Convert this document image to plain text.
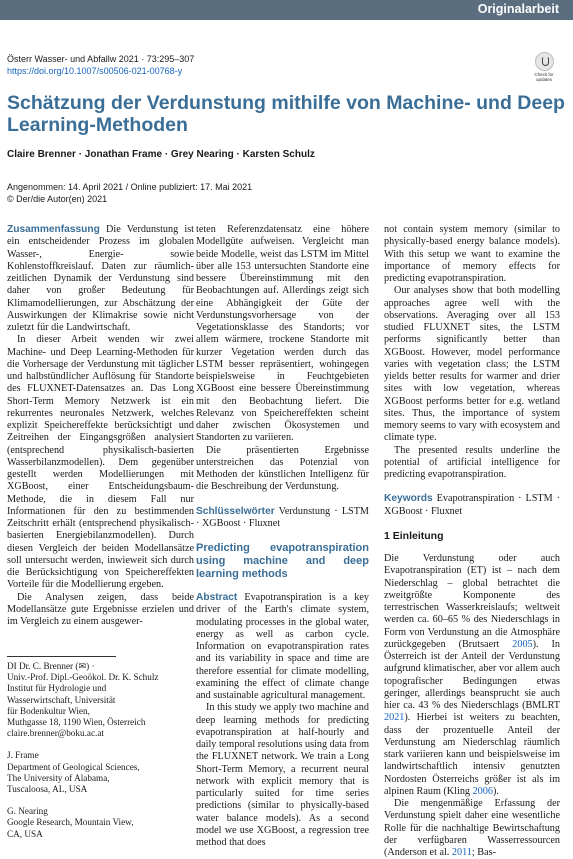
Originalarbeit
Österr Wasser- und Abfallw 2021 · 73:295–307
https://doi.org/10.1007/s00506-021-00768-y	Check for updates
Schätzung der Verdunstung mithilfe von Machine- und Deep Learning-Methoden
Claire Brenner · Jonathan Frame · Grey Nearing · Karsten Schulz
Angenommen: 14. April 2021 / Online publiziert: 17. Mai 2021
© Der/die Autor(en) 2021

Zusammenfassung Die Verdunstung ist ein entscheidender Prozess im globalen Wasser-, Energie- sowie Kohlenstoffkreislauf. Daten zur räumlich-zeitlichen Dynamik der Verdunstung sind daher von großer Bedeutung für Klimamodellierungen, zur Abschätzung der Auswirkungen der Klimakrise sowie nicht zuletzt für die Landwirtschaft.

In dieser Arbeit wenden wir zwei Machine- und Deep Learning-Methoden für die Vorhersage der Verdunstung mit täglicher und halbstündlicher Auflösung für Standorte des FLUXNET-Datensatzes an. Das Long Short-Term Memory Netzwerk ist ein rekurrentes neuronales Netzwerk, welches explizit Speichereffekte berücksichtigt und Zeitreihen der Eingangsgrößen analysiert (entsprechend physikalisch-basierten Wasserbilanzmodellen). Dem gegenüber gestellt werden Modellierungen mit XGBoost, einer Entscheidungsbaum-Methode, die in diesem Fall nur Informationen für den zu bestimmenden Zeitschritt erhält (entsprechend physikalisch-basierten Energiebilanzmodellen). Durch diesen Vergleich der beiden Modellansätze soll untersucht werden, inwieweit sich durch die Berücksichtigung von Speichereffekten Vorteile für die Modellierung ergeben.

Die Analysen zeigen, dass beide Modellansätze gute Ergebnisse erzielen und im Vergleich zu einem ausgewer-

teten Referenzdatensatz eine höhere Modellgüte aufweisen. Vergleicht man beide Modelle, weist das LSTM im Mittel über alle 153 untersuchten Standorte eine bessere Übereinstimmung mit den Beobachtungen auf. Allerdings zeigt sich eine Abhängigkeit der Güte der Verdunstungsvorhersage von der Vegetationsklasse des Standorts; vor allem wärmere, trockene Standorte mit kurzer Vegetation werden durch das LSTM besser repräsentiert, wohingegen beispielsweise in Feuchtgebieten XGBoost eine bessere Übereinstimmung mit den Beobachtung liefert. Die Relevanz von Speichereffekten scheint daher zwischen Ökosystemen und Standorten zu variieren.

Die präsentierten Ergebnisse unterstreichen das Potenzial von Methoden der künstlichen Intelligenz für die Beschreibung der Verdunstung.

Schlüsselwörter Verdunstung · LSTM · XGBoost · Fluxnet

Predicting evapotranspiration using machine and deep learning methods

Abstract Evapotranspiration is a key driver of the Earth's climate system, modulating processes in the global water, energy as well as carbon cycle. Information on evapotranspiration rates and its variability in space and time are therefore essential for climate modelling, examining the effect of climate change and sustainable agricultural management.

In this study we apply two machine and deep learning methods for predicting evapotranspiration at half-hourly and daily temporal resolutions using data from the FLUXNET network. We train a Long Short-Term Memory, a recurrent neural network with explicit memory that is particularly suited for time series predictions (similar to physically-based water balance models). As a second model we use XGBoost, a regression tree method that does

not contain system memory (similar to physically-based energy balance models). With this setup we want to examine the importance of memory effects for predicting evapotranspiration.

Our analyses show that both modelling approaches agree well with the observations. Averaging over all 153 studied FLUXNET sites, the LSTM performs significantly better than XGBoost. However, model performance varies with vegetation class; the LSTM yields better results for warmer and drier sites with low vegetation, whereas XGBoost performs better for e.g. wetland sites. Thus, the importance of system memory seems to vary with ecosystem and climate type.

The presented results underline the potential of artificial intelligence for predicting evapotranspiration.

Keywords Evapotranspiration · LSTM · XGBoost · Fluxnet

1 Einleitung

Die Verdunstung oder auch Evapotranspiration (ET) ist – nach dem Niederschlag – global betrachtet die zweitgrößte Komponente des terrestrischen Wasserkreislaufs; weltweit werden ca. 60–65 % des Niederschlags in Form von Verdunstung an die Atmosphäre zurückgegeben (Brutsaert 2005). In Österreich ist der Anteil der Verdunstung aufgrund klimatischer, aber vor allem auch topografischer Bedingungen etwas geringer, allerdings beansprucht sie auch hier ca. 43 % des Niederschlags (BMLRT 2021). Hierbei ist weiters zu beachten, dass der prozentuelle Anteil der Verdunstung am Niederschlag räumlich stark variieren kann und beispielsweise im landwirtschaftlich intensiv genutzten Nordosten Österreichs größer ist als im alpinen Raum (Kling 2006).

Die mengenmäßige Erfassung der Verdunstung spielt daher eine wesentliche Rolle für die nachhaltige Bewirtschaftung der verfügbaren Wasserressourcen (Anderson et al. 2011; Bas-

DI Dr. C. Brenner (✉) ·
Univ.-Prof. Dipl.-Geoökol. Dr. K. Schulz
Institut für Hydrologie und
Wasserwirtschaft, Universität
für Bodenkultur Wien,
Muthgasse 18, 1190 Wien, Österreich
claire.brenner@boku.ac.at

J. Frame
Department of Geological Sciences,
The University of Alabama,
Tuscaloosa, AL, USA

G. Nearing
Google Research, Mountain View,
CA, USA
